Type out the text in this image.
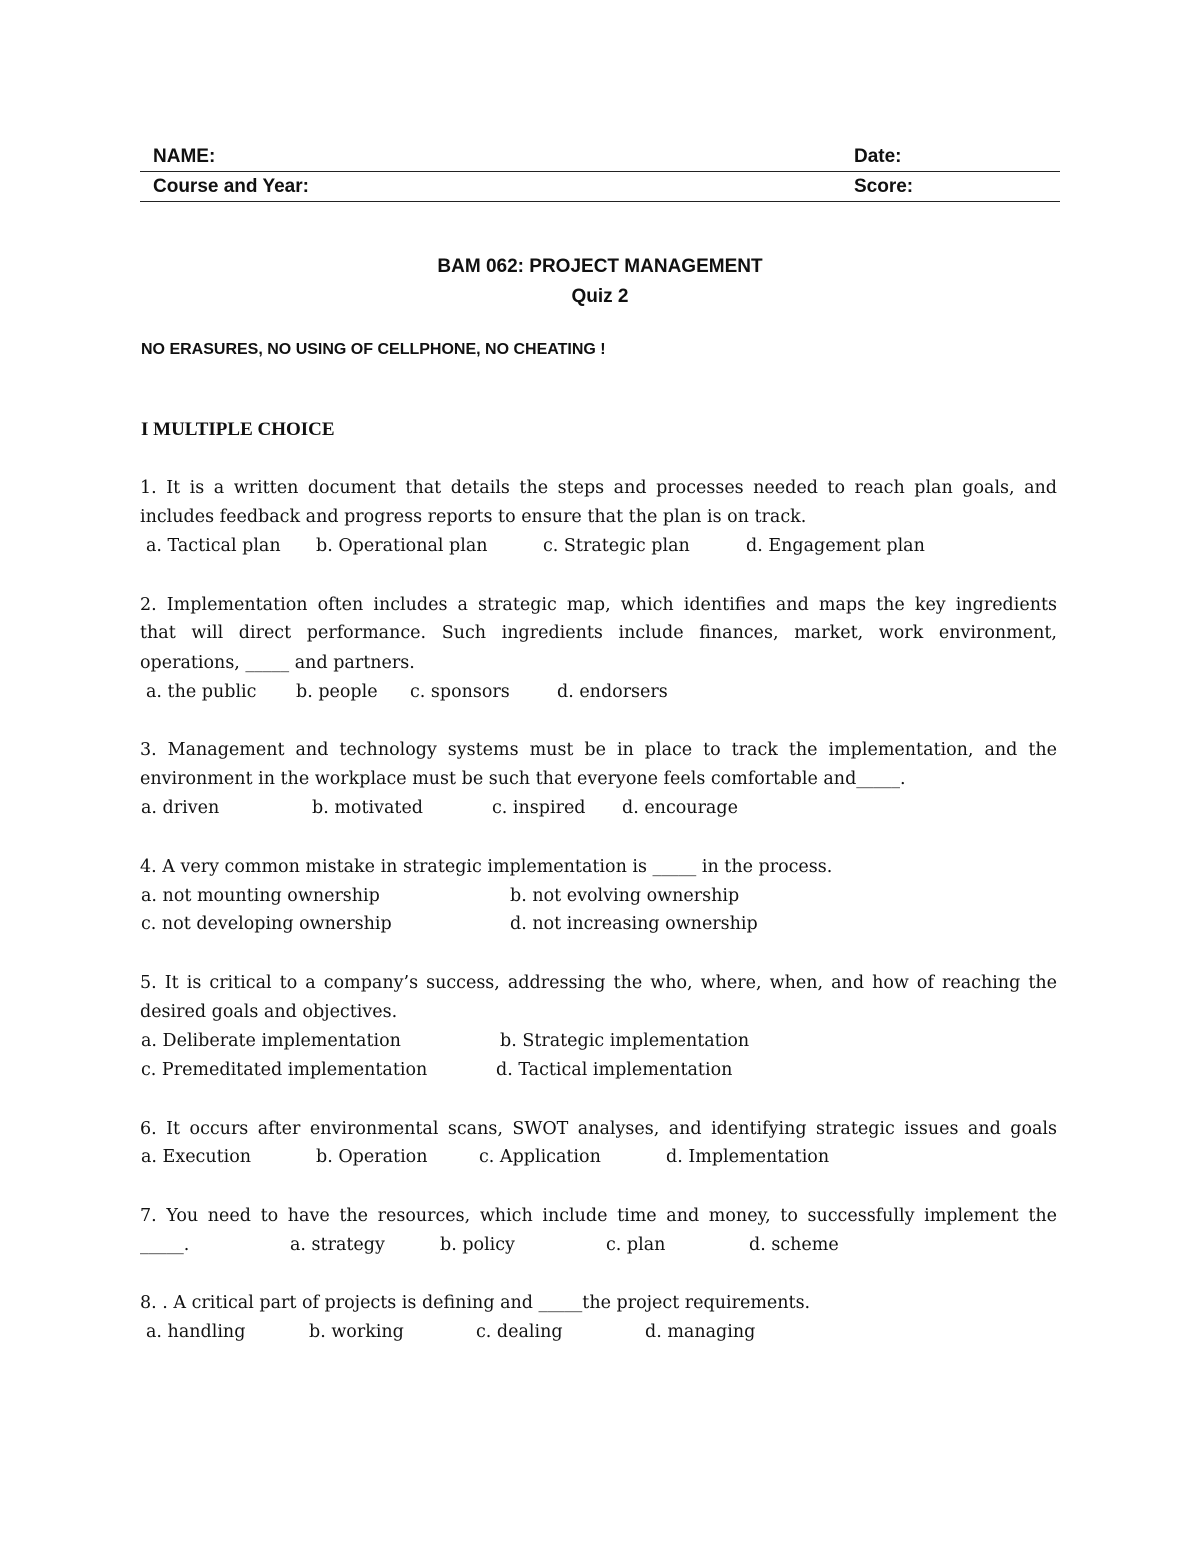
NAME:	Date:
Course and Year:	Score:
BAM 062: PROJECT MANAGEMENT
Quiz 2
NO ERASURES, NO USING OF CELLPHONE, NO CHEATING !
I MULTIPLE CHOICE
1. It is a written document that details the steps and processes needed to reach plan goals, and
includes feedback and progress reports to ensure that the plan is on track.
a. Tactical plan b. Operational plan	c. Strategic plan	d. Engagement plan
2. Implementation often includes a strategic map, which identifies and maps the key ingredients
that will direct performance. Such ingredients include finances, market, work environment,
operations, _____ and partners.
a. the public b. people c. sponsors	d. endorsers
3. Management and technology systems must be in place to track the implementation, and the
environment in the workplace must be such that everyone feels comfortable and_____.
a. driven	b. motivated	c. inspired d. encourage
4. A very common mistake in strategic implementation is _____ in the process.
a. not mounting ownership	b. not evolving ownership
c. not developing ownership	d. not increasing ownership
5. It is critical to a company’s success, addressing the who, where, when, and how of reaching the
desired goals and objectives.
a. Deliberate implementation	b. Strategic implementation
c. Premeditated implementation	d. Tactical implementation
6. It occurs after environmental scans, SWOT analyses, and identifying strategic issues and goals
a. Execution	b. Operation	c. Application	d. Implementation
7. You need to have the resources, which include time and money, to successfully implement the
_____.	a. strategy	b. policy	c. plan	d. scheme
8. . A critical part of projects is defining and _____the project requirements.
a. handling	b. working	c. dealing	d. managing
